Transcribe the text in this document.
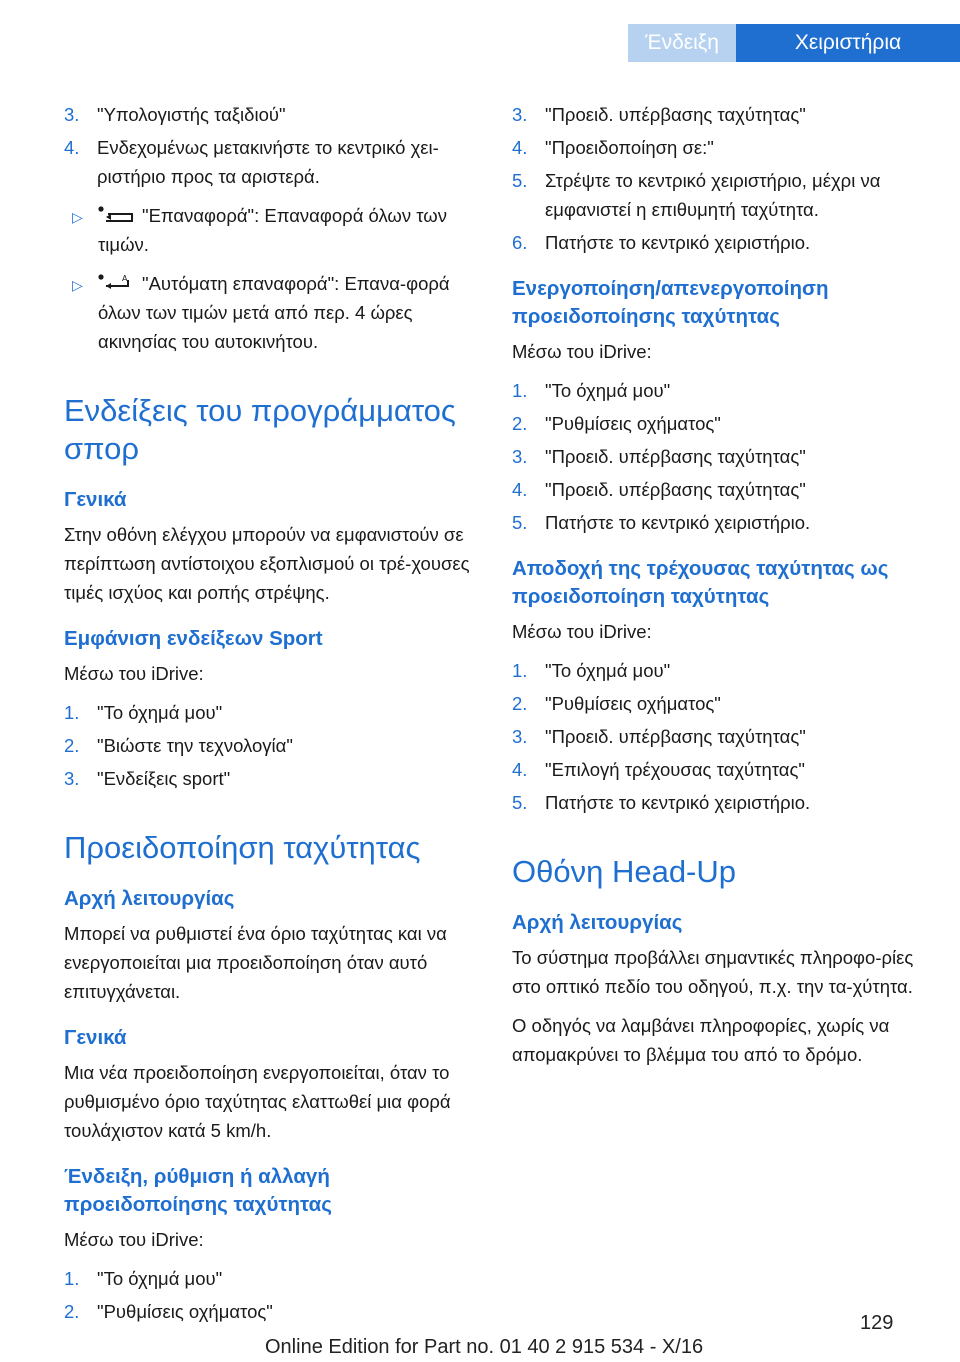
Ένδειξη	Χειριστήρια
3. "Υπολογιστής ταξιδιού"
4. Ενδεχομένως μετακινήστε το κεντρικό χει-ριστήριο προς τα αριστερά.
▷	"Επαναφορά": Επαναφορά όλων των τιμών.
▷	A "Αυτόματη επαναφορά": Επανα-φορά όλων των τιμών μετά από περ. 4 ώρες ακινησίας του αυτοκινήτου.
Ενδείξεις του προγράμματος σπορ
Γενικά

Στην οθόνη ελέγχου μπορούν να εμφανιστούν σε περίπτωση αντίστοιχου εξοπλισμού οι τρέ-χουσες τιμές ισχύος και ροπής στρέψης.

Εμφάνιση ενδείξεων Sport

Μέσω του iDrive:

1. "Το όχημά μου"
2. "Βιώστε την τεχνολογία"
3. "Ενδείξεις sport"
Προειδοποίηση ταχύτητας
Αρχή λειτουργίας

Μπορεί να ρυθμιστεί ένα όριο ταχύτητας και να ενεργοποιείται μια προειδοποίηση όταν αυτό επιτυγχάνεται.

Γενικά

Μια νέα προειδοποίηση ενεργοποιείται, όταν το ρυθμισμένο όριο ταχύτητας ελαττωθεί μια φορά τουλάχιστον κατά 5 km/h.

Ένδειξη, ρύθμιση ή αλλαγή προειδοποίησης ταχύτητας

Μέσω του iDrive:

1. "Το όχημά μου"
2. "Ρυθμίσεις οχήματος"
3. "Προειδ. υπέρβασης ταχύτητας"
4. "Προειδοποίηση σε:"
5. Στρέψτε το κεντρικό χειριστήριο, μέχρι να εμφανιστεί η επιθυμητή ταχύτητα.
6. Πατήστε το κεντρικό χειριστήριο.
Ενεργοποίηση/απενεργοποίηση προειδοποίησης ταχύτητας

Μέσω του iDrive:

1. "Το όχημά μου"
2. "Ρυθμίσεις οχήματος"
3. "Προειδ. υπέρβασης ταχύτητας"
4. "Προειδ. υπέρβασης ταχύτητας"
5. Πατήστε το κεντρικό χειριστήριο.
Αποδοχή της τρέχουσας ταχύτητας ως προειδοποίηση ταχύτητας

Μέσω του iDrive:

1. "Το όχημά μου"
2. "Ρυθμίσεις οχήματος"
3. "Προειδ. υπέρβασης ταχύτητας"
4. "Επιλογή τρέχουσας ταχύτητας"
5. Πατήστε το κεντρικό χειριστήριο.
Οθόνη Head-Up
Αρχή λειτουργίας

Το σύστημα προβάλλει σημαντικές πληροφο-ρίες στο οπτικό πεδίο του οδηγού, π.χ. την τα-χύτητα.

Ο οδηγός να λαμβάνει πληροφορίες, χωρίς να απομακρύνει το βλέμμα του από το δρόμο.

129
Online Edition for Part no. 01 40 2 915 534 - X/16
